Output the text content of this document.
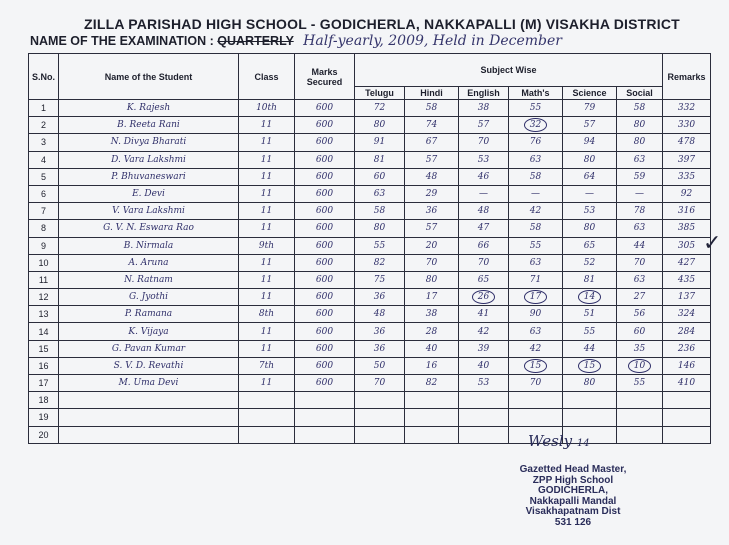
ZILLA PARISHAD HIGH SCHOOL - GODICHERLA, NAKKAPALLI (M) VISAKHA DISTRICT
NAME OF THE EXAMINATION : QUARTERLY Half-yearly, 2009, Held in December
S.No.	Name of the Student	Class	Marks Secured	Subject Wise						Remarks
				Telugu	Hindi	English	Math's	Science	Social	
1	K. Rajesh	10th	600	72	58	38	55	79	58	332
2	B. Reeta Rani	11	600	80	74	57	32	57	80	330
3	N. Divya Bharati	11	600	91	67	70	76	94	80	478
4	D. Vara Lakshmi	11	600	81	57	53	63	80	63	397
5	P. Bhuvaneswari	11	600	60	48	46	58	64	59	335
6	E. Devi	11	600	63	29	—	—	—	—	92
7	V. Vara Lakshmi	11	600	58	36	48	42	53	78	316
8	G. V. N. Eswara Rao	11	600	80	57	47	58	80	63	385
9	B. Nirmala	9th	600	55	20	66	55	65	44	305
10	A. Aruna	11	600	82	70	70	63	52	70	427
11	N. Ratnam	11	600	75	80	65	71	81	63	435
12	G. Jyothi	11	600	36	17	26	17	14	27	137
13	P. Ramana	8th	600	48	38	41	90	51	56	324
14	K. Vijaya	11	600	36	28	42	63	55	60	284
15	G. Pavan Kumar	11	600	36	40	39	42	44	35	236
16	S. V. D. Revathi	7th	600	50	16	40	15	15	10	146
17	M. Uma Devi	11	600	70	82	53	70	80	55	410
18										
19										
20											Wesly 14
Gazetted Head Master,
ZPP High School
GODICHERLA,
Nakkapalli Mandal
Visakhapatnam Dist
531 126
✓
